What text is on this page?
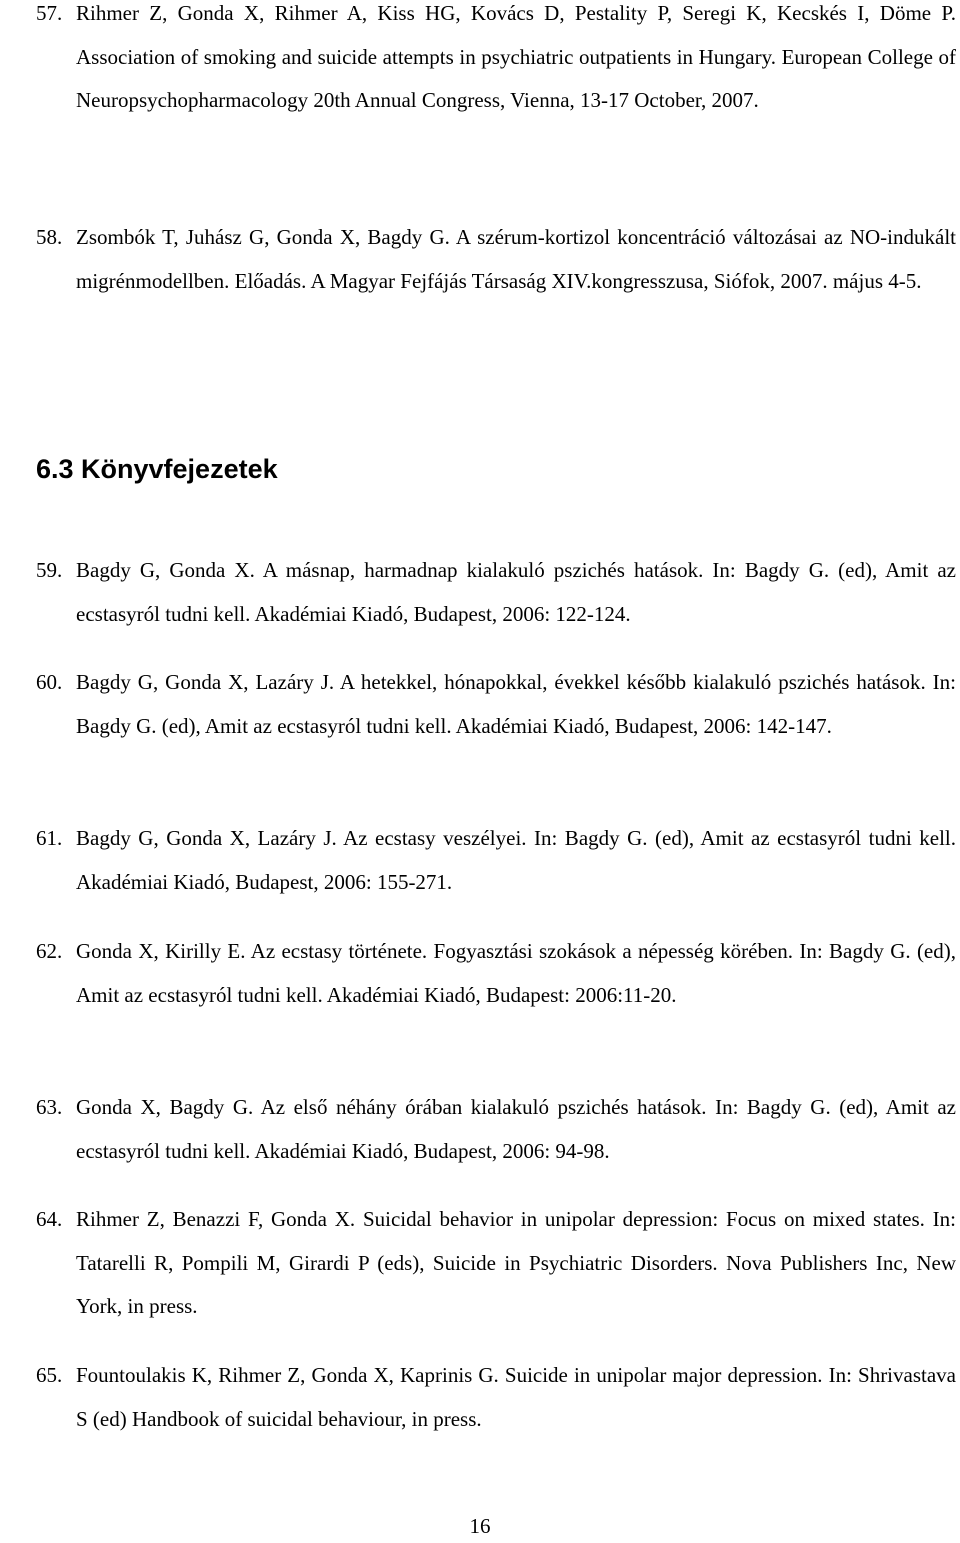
57. Rihmer Z, Gonda X, Rihmer A, Kiss HG, Kovács D, Pestality P, Seregi K, Kecskés I, Döme P. Association of smoking and suicide attempts in psychiatric outpatients in Hungary. European College of Neuropsychopharmacology 20th Annual Congress, Vienna, 13-17 October, 2007.
58. Zsombók T, Juhász G, Gonda X, Bagdy G. A szérum-kortizol koncentráció változásai az NO-indukált migrénmodellben. Előadás. A Magyar Fejfájás Társaság XIV.kongresszusa, Siófok, 2007. május 4-5.
6.3 Könyvfejezetek
59. Bagdy G, Gonda X. A másnap, harmadnap kialakuló pszichés hatások. In: Bagdy G. (ed), Amit az ecstasyról tudni kell. Akadémiai Kiadó, Budapest, 2006: 122-124.
60. Bagdy G, Gonda X, Lazáry J. A hetekkel, hónapokkal, évekkel később kialakuló pszichés hatások. In: Bagdy G. (ed), Amit az ecstasyról tudni kell. Akadémiai Kiadó, Budapest, 2006: 142-147.
61. Bagdy G, Gonda X, Lazáry J. Az ecstasy veszélyei. In: Bagdy G. (ed), Amit az ecstasyról tudni kell. Akadémiai Kiadó, Budapest, 2006: 155-271.
62. Gonda X, Kirilly E. Az ecstasy története. Fogyasztási szokások a népesség körében. In: Bagdy G. (ed), Amit az ecstasyról tudni kell. Akadémiai Kiadó, Budapest: 2006:11-20.
63. Gonda X, Bagdy G. Az első néhány órában kialakuló pszichés hatások. In: Bagdy G. (ed), Amit az ecstasyról tudni kell. Akadémiai Kiadó, Budapest, 2006: 94-98.
64. Rihmer Z, Benazzi F, Gonda X. Suicidal behavior in unipolar depression: Focus on mixed states. In: Tatarelli R, Pompili M, Girardi P (eds), Suicide in Psychiatric Disorders. Nova Publishers Inc, New York, in press.
65. Fountoulakis K, Rihmer Z, Gonda X, Kaprinis G. Suicide in unipolar major depression. In: Shrivastava S (ed) Handbook of suicidal behaviour, in press.
16
